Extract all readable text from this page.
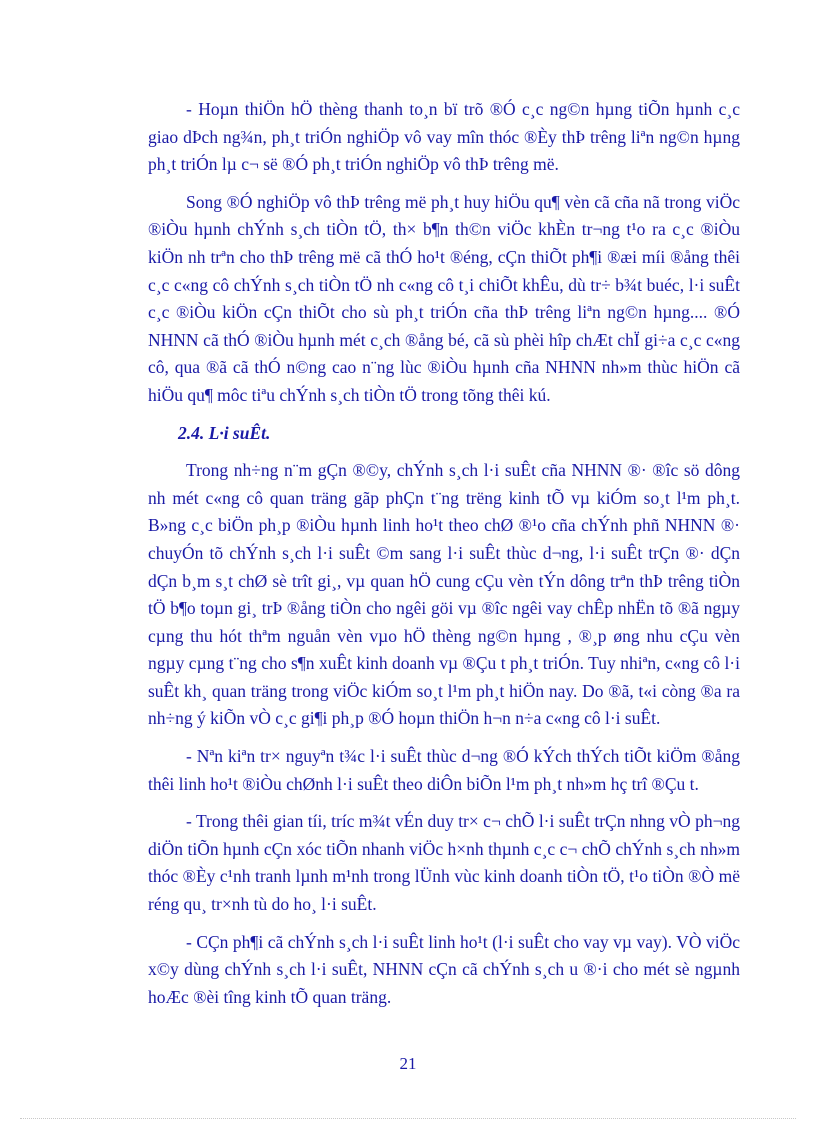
- Hoµn thiÖn hÖ thèng thanh to¸n bï trõ ®Ó c¸c ng©n hµng tiÕn hµnh c¸c giao dÞch ng¾n, ph¸t triÓn nghiÖp vô vay mîn thóc ®Èy thÞ trêng liªn ng©n hµng ph¸t triÓn lµ c¬ së ®Ó ph¸t triÓn nghiÖp vô thÞ trêng më.

Song ®Ó nghiÖp vô thÞ trêng më ph¸t huy hiÖu qu¶ vèn cã cña nã trong viÖc ®iÒu hµnh chÝnh s¸ch tiÒn tÖ, th× b¶n th©n viÖc khÈn tr¬ng t¹o ra c¸c ®iÒu kiÖn nh trªn cho thÞ trêng më cã thÓ ho¹t ®éng, cÇn thiÕt ph¶i ®æi míi ®ång thêi c¸c c«ng cô chÝnh s¸ch tiÒn tÖ nh c«ng cô t¸i chiÕt khÊu, dù tr÷ b¾t buéc, l·i suÊt c¸c ®iÒu kiÖn cÇn thiÕt cho sù ph¸t triÓn cña thÞ trêng liªn ng©n hµng.... ®Ó NHNN cã thÓ ®iÒu hµnh mét c¸ch ®ång bé, cã sù phèi hîp chÆt chÏ gi÷a c¸c c«ng cô, qua ®ã cã thÓ n©ng cao n¨ng lùc ®iÒu hµnh cña NHNN nh»m thùc hiÖn cã hiÖu qu¶ môc tiªu chÝnh s¸ch tiÒn tÖ trong tõng thêi kú.

2.4. L·i suÊt.

Trong nh÷ng n¨m gÇn ®©y, chÝnh s¸ch l·i suÊt cña NHNN ®· ®îc sö dông nh mét c«ng cô quan träng gãp phÇn t¨ng trëng kinh tÕ vµ kiÓm so¸t l¹m ph¸t. B»ng c¸c biÖn ph¸p ®iÒu hµnh linh ho¹t theo chØ ®¹o cña chÝnh phñ NHNN ®· chuyÓn tõ chÝnh s¸ch l·i suÊt ©m sang l·i suÊt thùc d¬ng, l·i suÊt trÇn ®· dÇn dÇn b¸m s¸t chØ sè trît gi¸, vµ quan hÖ cung cÇu vèn tÝn dông trªn thÞ trêng tiÒn tÖ b¶o toµn gi¸ trÞ ®ång tiÒn cho ngêi göi vµ ®îc ngêi vay chÊp nhËn tõ ®ã ngµy cµng thu hót thªm nguån vèn vµo hÖ thèng ng©n hµng , ®¸p øng nhu cÇu vèn ngµy cµng t¨ng cho s¶n xuÊt kinh doanh vµ ®Çu t ph¸t triÓn. Tuy nhiªn, c«ng cô l·i suÊt kh¸ quan träng trong viÖc kiÓm so¸t l¹m ph¸t hiÖn nay. Do ®ã, t«i còng ®a ra nh÷ng ý kiÕn vÒ c¸c gi¶i ph¸p ®Ó hoµn thiÖn h¬n n÷a c«ng cô l·i suÊt.

- Nªn kiªn tr× nguyªn t¾c l·i suÊt thùc d¬ng ®Ó kÝch thÝch tiÕt kiÖm ®ång thêi linh ho¹t ®iÒu chØnh l·i suÊt theo diÔn biÕn l¹m ph¸t nh»m hç trî ®Çu t.

- Trong thêi gian tíi, tríc m¾t vÉn duy tr× c¬ chÕ l·i suÊt trÇn nhng vÒ ph¬ng diÖn tiÕn hµnh cÇn xóc tiÕn nhanh viÖc h×nh thµnh c¸c c¬ chÕ chÝnh s¸ch nh»m thóc ®Èy c¹nh tranh lµnh m¹nh trong lÜnh vùc kinh doanh tiÒn tÖ, t¹o tiÒn ®Ò më réng qu¸ tr×nh tù do ho¸ l·i suÊt.

- CÇn ph¶i cã chÝnh s¸ch l·i suÊt linh ho¹t (l·i suÊt cho vay vµ vay). VÒ viÖc x©y dùng chÝnh s¸ch l·i suÊt, NHNN cÇn cã chÝnh s¸ch u ®·i cho mét sè ngµnh hoÆc ®èi tîng kinh tÕ quan träng.

21
